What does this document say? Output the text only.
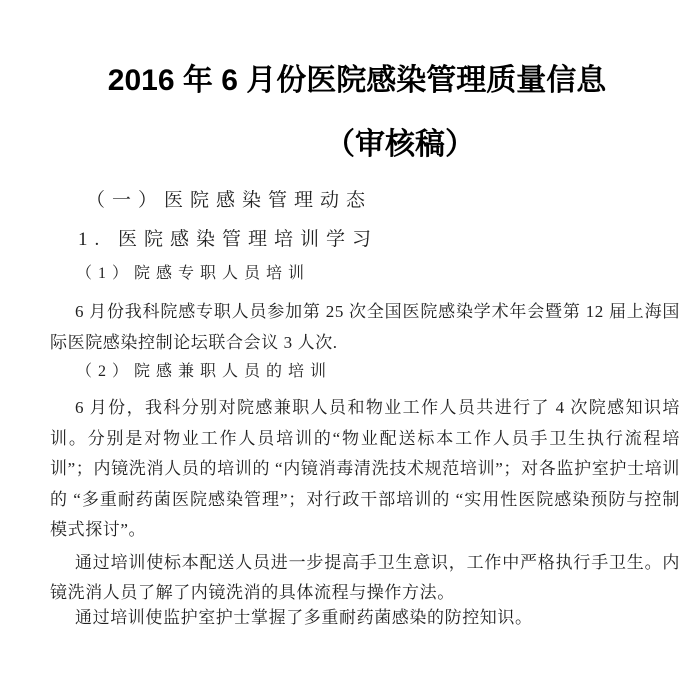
2016 年 6 月份医院感染管理质量信息
（审核稿）
（一）医院感染管理动态
1. 医院感染管理培训学习
（1）院感专职人员培训

6 月份我科院感专职人员参加第 25 次全国医院感染学术年会暨第 12 届上海国际医院感染控制论坛联合会议 3 人次.

（2）院感兼职人员的培训

6 月份，我科分别对院感兼职人员和物业工作人员共进行了 4 次院感知识培训。分别是对物业工作人员培训的“物业配送标本工作人员手卫生执行流程培训”；内镜洗消人员的培训的 “内镜消毒清洗技术规范培训”；对各监护室护士培训的 “多重耐药菌医院感染管理”；对行政干部培训的 “实用性医院感染预防与控制模式探讨”。

通过培训使标本配送人员进一步提高手卫生意识，工作中严格执行手卫生。内镜洗消人员了解了内镜洗消的具体流程与操作方法。

通过培训使监护室护士掌握了多重耐药菌感染的防控知识。
